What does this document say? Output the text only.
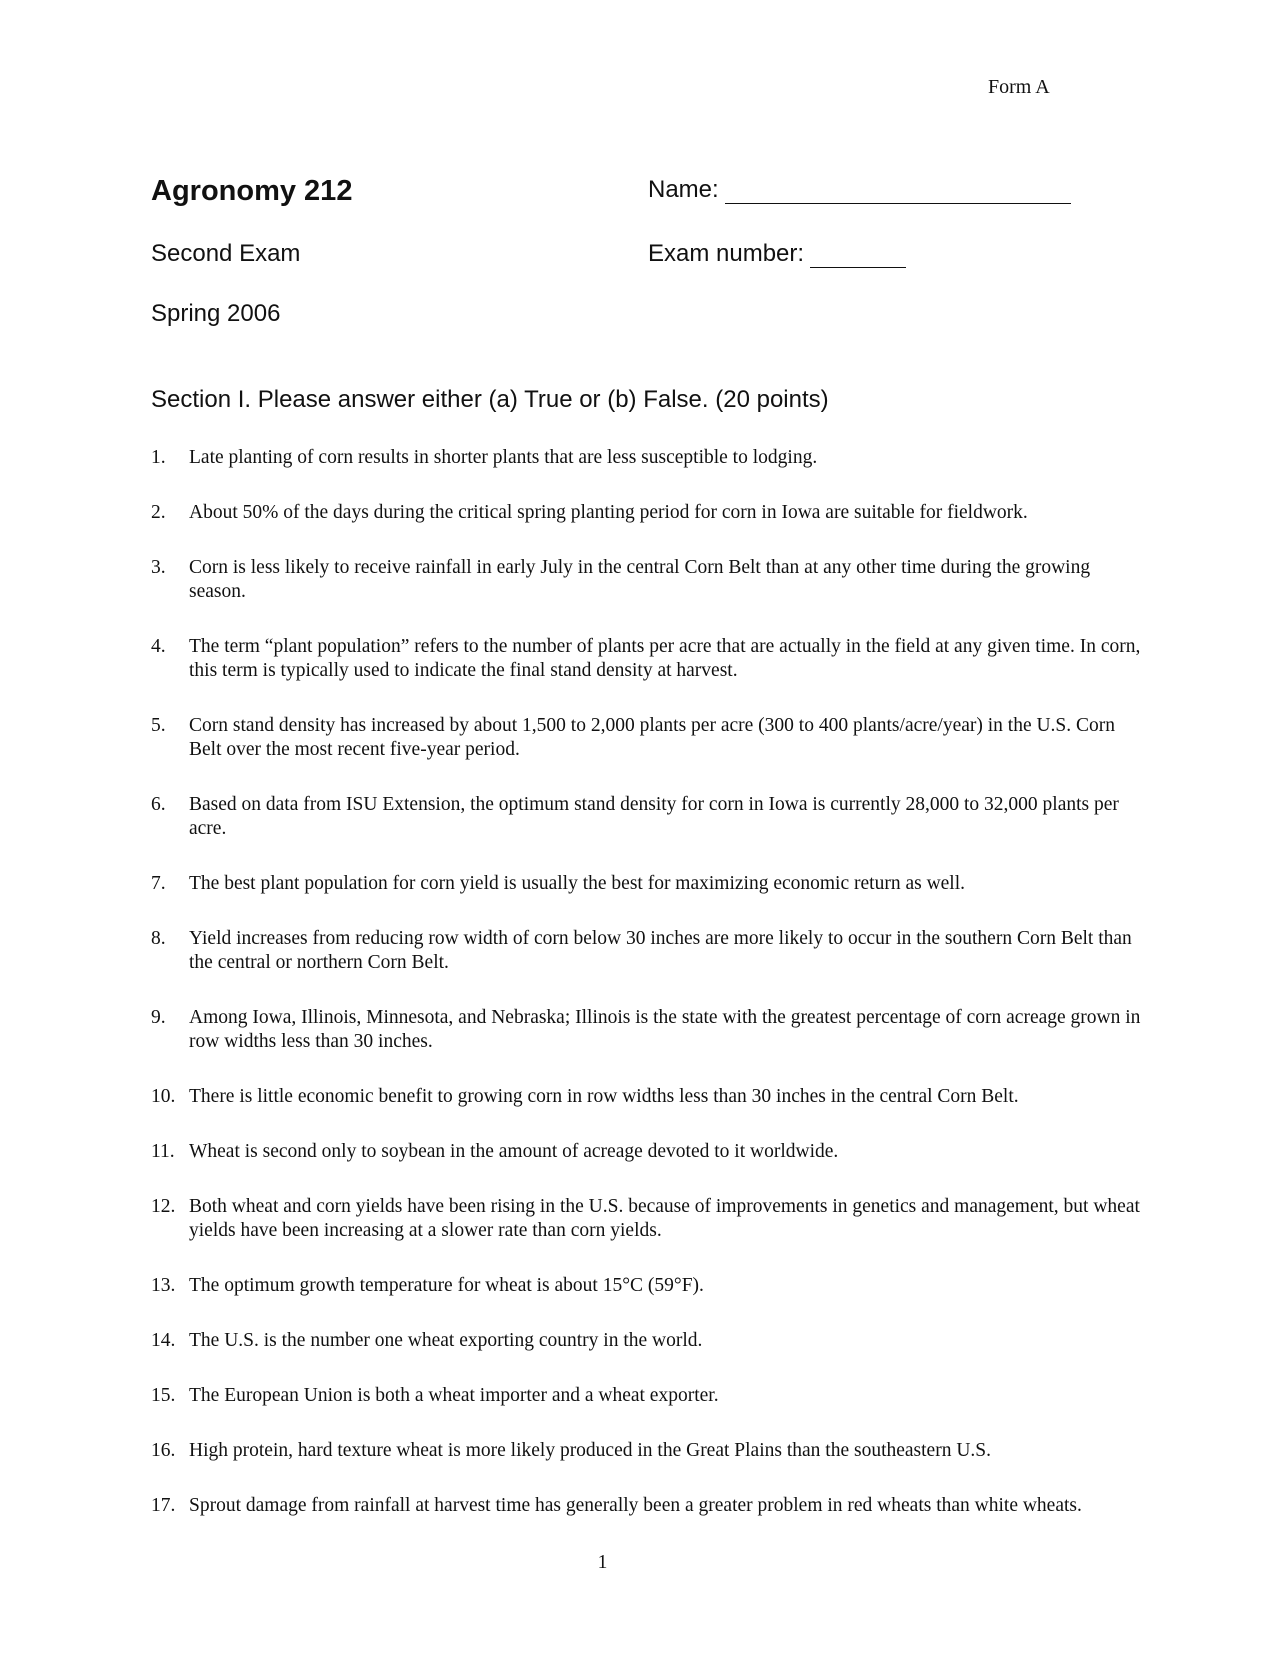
Form A
Agronomy 212
Second Exam
Spring 2006
Name:
Exam number:
Section I. Please answer either (a) True or (b) False. (20 points)
1.	Late planting of corn results in shorter plants that are less susceptible to lodging.
2.	About 50% of the days during the critical spring planting period for corn in Iowa are suitable for fieldwork.
3.	Corn is less likely to receive rainfall in early July in the central Corn Belt than at any other time during the growing season.
4.	The term “plant population” refers to the number of plants per acre that are actually in the field at any given time. In corn, this term is typically used to indicate the final stand density at harvest.
5.	Corn stand density has increased by about 1,500 to 2,000 plants per acre (300 to 400 plants/acre/year) in the U.S. Corn Belt over the most recent five-year period.
6.	Based on data from ISU Extension, the optimum stand density for corn in Iowa is currently 28,000 to 32,000 plants per acre.
7.	The best plant population for corn yield is usually the best for maximizing economic return as well.
8.	Yield increases from reducing row width of corn below 30 inches are more likely to occur in the southern Corn Belt than the central or northern Corn Belt.
9.	Among Iowa, Illinois, Minnesota, and Nebraska; Illinois is the state with the greatest percentage of corn acreage grown in row widths less than 30 inches.
10. There is little economic benefit to growing corn in row widths less than 30 inches in the central Corn Belt.
11. Wheat is second only to soybean in the amount of acreage devoted to it worldwide.
12. Both wheat and corn yields have been rising in the U.S. because of improvements in genetics and management, but wheat yields have been increasing at a slower rate than corn yields.
13. The optimum growth temperature for wheat is about 15°C (59°F).
14. The U.S. is the number one wheat exporting country in the world.
15. The European Union is both a wheat importer and a wheat exporter.
16. High protein, hard texture wheat is more likely produced in the Great Plains than the southeastern U.S.
17. Sprout damage from rainfall at harvest time has generally been a greater problem in red wheats than white wheats.
1
